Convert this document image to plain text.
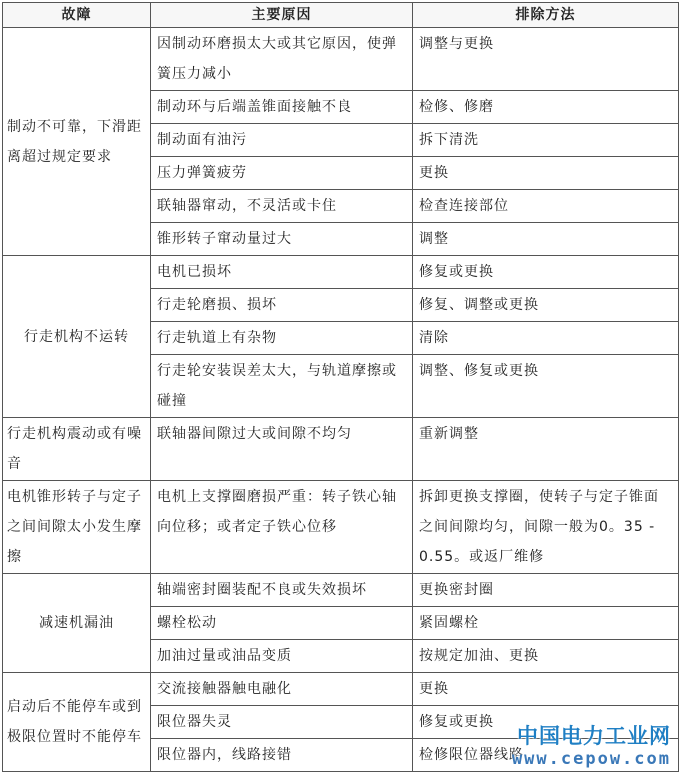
故障	主要原因	排除方法
制动不可靠，下滑距离超过规定要求	因制动环磨损太大或其它原因，使弹簧压力减小	调整与更换
	制动环与后端盖锥面接触不良	检修、修磨
	制动面有油污	拆下清洗
	压力弹簧疲劳	更换
	联轴器窜动，不灵活或卡住	检查连接部位
	锥形转子窜动量过大	调整
行走机构不运转	电机已损坏	修复或更换
	行走轮磨损、损坏	修复、调整或更换
	行走轨道上有杂物	清除
	行走轮安装误差太大，与轨道摩擦或碰撞	调整、修复或更换
行走机构震动或有噪音	联轴器间隙过大或间隙不均匀	重新调整
电机锥形转子与定子之间间隙太小发生摩擦	电机上支撑圈磨损严重：转子铁心轴向位移；或者定子铁心位移	拆卸更换支撑圈，使转子与定子锥面之间间隙均匀，间隙一般为0。35 - 0.55。或返厂维修
减速机漏油	轴端密封圈装配不良或失效损坏	更换密封圈
	螺栓松动	紧固螺栓
	加油过量或油品变质	按规定加油、更换
启动后不能停车或到极限位置时不能停车	交流接触器触电融化	更换
	限位器失灵	修复或更换
	限位器内，线路接错	检修限位器线路
中国电力工业网
www.cepow.com
